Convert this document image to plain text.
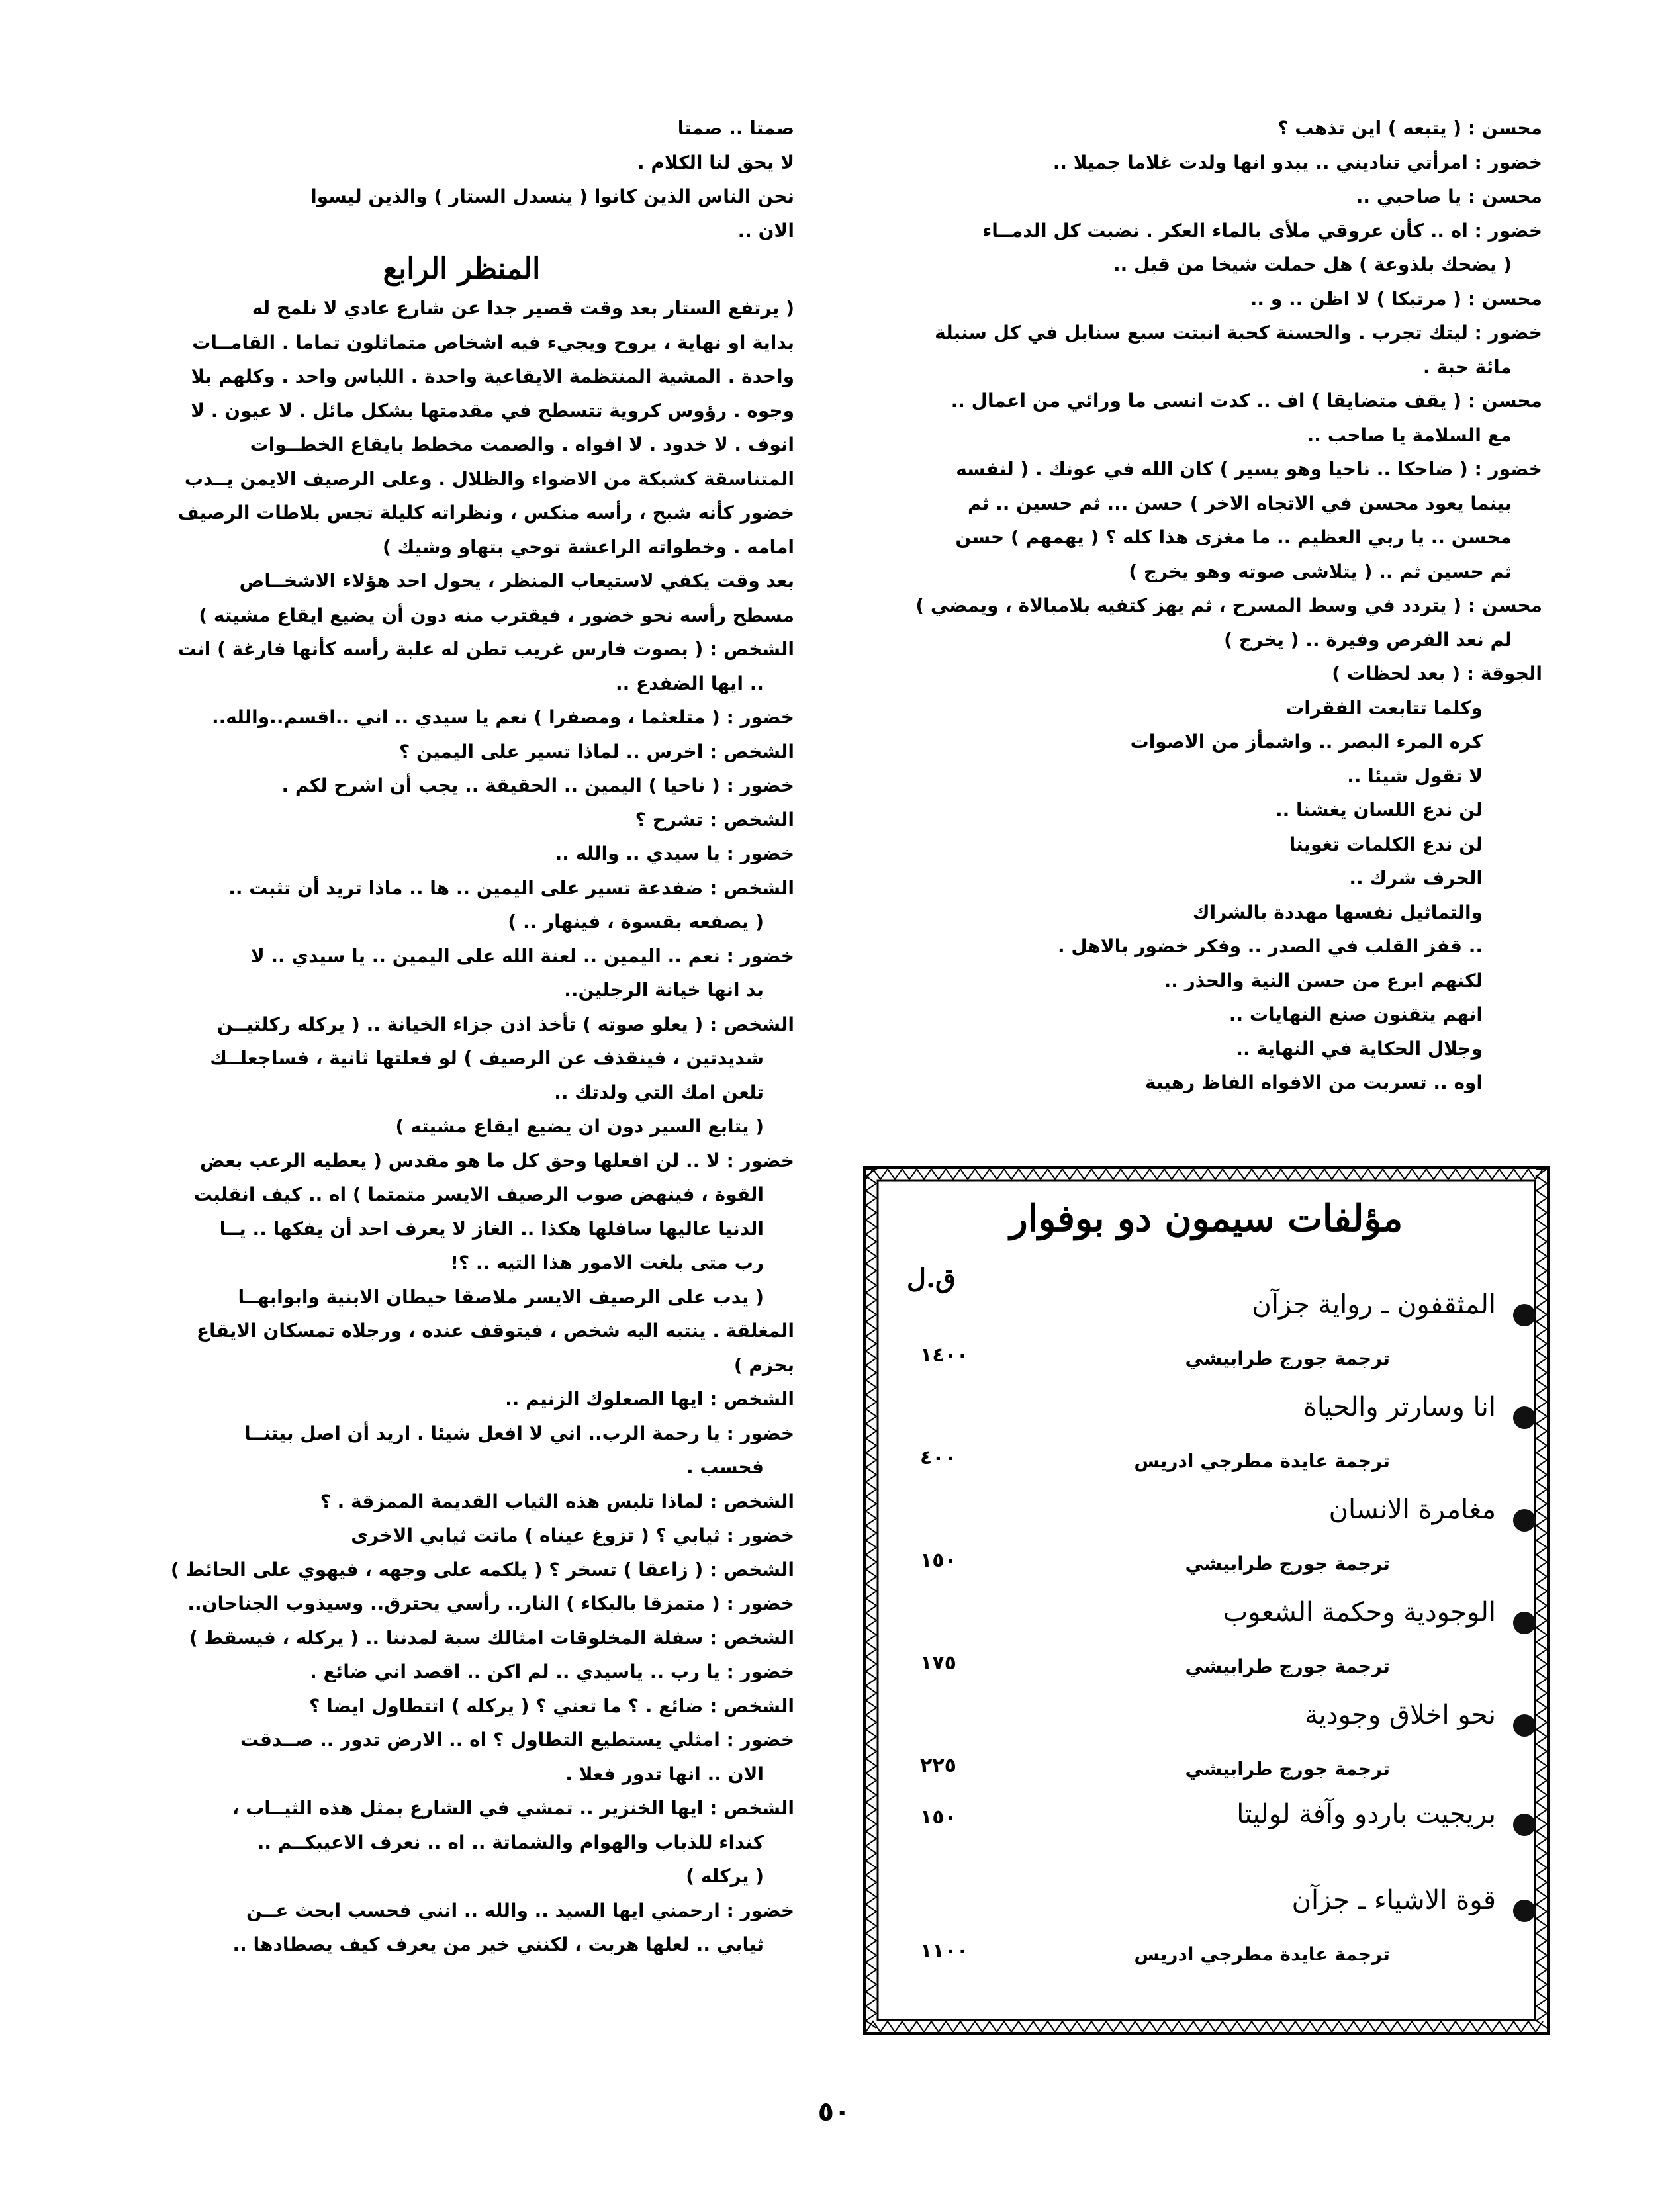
محسن : ( يتبعه ) اين تذهب ؟
خضور : امرأتي تناديني .. يبدو انها ولدت غلاما جميلا ..
محسن : يا صاحبي ..
خضور : اه .. كأن عروقي ملأى بالماء العكر . نضبت كل الدمــاء
( يضحك بلذوعة ) هل حملت شيخا من قبل ..
محسن : ( مرتبكا ) لا اظن .. و ..
خضور : ليتك تجرب . والحسنة كحبة انبتت سبع سنابل في كل سنبلة
مائة حبة .
محسن : ( يقف متضايقا ) اف .. كدت انسى ما ورائي من اعمال ..
مع السلامة يا صاحب ..
خضور : ( ضاحكا .. ناحيا وهو يسير ) كان الله في عونك . ( لنفسه
بينما يعود محسن في الاتجاه الاخر ) حسن ... ثم حسين .. ثم
محسن .. يا ربي العظيم .. ما مغزى هذا كله ؟ ( يهمهم ) حسن
ثم حسين ثم .. ( يتلاشى صوته وهو يخرج )
محسن : ( يتردد في وسط المسرح ، ثم يهز كتفيه بلامبالاة ، ويمضي )
لم نعد الفرص وفيرة .. ( يخرج )
الجوقة : ( بعد لحظات )
وكلما تتابعت الفقرات
كره المرء البصر .. واشمأز من الاصوات
لا تقول شيئا ..
لن ندع اللسان يغشنا ..
لن ندع الكلمات تغوينا
الحرف شرك ..
والتماثيل نفسها مهددة بالشراك
.. قفز القلب في الصدر .. وفكر خضور بالاهل .
لكنهم ابرع من حسن النية والحذر ..
انهم يتقنون صنع النهايات ..
وجلال الحكاية في النهاية ..
اوه .. تسربت من الافواه الفاظ رهيبة
صمتا .. صمتا
لا يحق لنا الكلام .
نحن الناس الذين كانوا ( ينسدل الستار ) والذين ليسوا
الان ..
المنظر الرابع
( يرتفع الستار بعد وقت قصير جدا عن شارع عادي لا نلمح له
بداية او نهاية ، يروح ويجيء فيه اشخاص متماثلون تماما . القامــات
واحدة . المشية المنتظمة الايقاعية واحدة . اللباس واحد . وكلهم بلا
وجوه . رؤوس كروية تتسطح في مقدمتها بشكل مائل . لا عيون . لا
انوف . لا خدود . لا افواه . والصمت مخطط بايقاع الخطــوات
المتناسقة كشبكة من الاضواء والظلال . وعلى الرصيف الايمن يــدب
خضور كأنه شبح ، رأسه منكس ، ونظراته كليلة تجس بلاطات الرصيف
امامه . وخطواته الراعشة توحي بتهاو وشيك )
بعد وقت يكفي لاستيعاب المنظر ، يحول احد هؤلاء الاشخــاص
مسطح رأسه نحو خضور ، فيقترب منه دون أن يضيع ايقاع مشيته )
الشخص : ( بصوت فارس غريب تطن له علبة رأسه كأنها فارغة ) انت
.. ايها الضفدع ..
خضور : ( متلعثما ، ومصفرا ) نعم يا سيدي .. اني ..اقسم..والله..
الشخص : اخرس .. لماذا تسير على اليمين ؟
خضور : ( ناحيا ) اليمين .. الحقيقة .. يجب أن اشرح لكم .
الشخص : تشرح ؟
خضور : يا سيدي .. والله ..
الشخص : ضفدعة تسير على اليمين .. ها .. ماذا تريد أن تثبت ..
( يصفعه بقسوة ، فينهار .. )
خضور : نعم .. اليمين .. لعنة الله على اليمين .. يا سيدي .. لا
بد انها خيانة الرجلين..
الشخص : ( يعلو صوته ) تأخذ اذن جزاء الخيانة .. ( يركله ركلتيــن
شديدتين ، فينقذف عن الرصيف ) لو فعلتها ثانية ، فساجعلــك
تلعن امك التي ولدتك ..
( يتابع السير دون ان يضيع ايقاع مشيته )
خضور : لا .. لن افعلها وحق كل ما هو مقدس ( يعطيه الرعب بعض
القوة ، فينهض صوب الرصيف الايسر متمتما ) اه .. كيف انقلبت
الدنيا عاليها سافلها هكذا .. الغاز لا يعرف احد أن يفكها .. يــا
رب متى بلغت الامور هذا التيه .. ؟!
( يدب على الرصيف الايسر ملاصقا حيطان الابنية وابوابهــا
المغلقة . ينتبه اليه شخص ، فيتوقف عنده ، ورجلاه تمسكان الايقاع
بحزم )
الشخص : ايها الصعلوك الزنيم ..
خضور : يا رحمة الرب.. اني لا افعل شيئا . اريد أن اصل بيتنــا
فحسب .
الشخص : لماذا تلبس هذه الثياب القديمة الممزقة . ؟
خضور : ثيابي ؟ ( تزوغ عيناه ) ماتت ثيابي الاخرى
الشخص : ( زاعقا ) تسخر ؟ ( يلكمه على وجهه ، فيهوي على الحائط )
خضور : ( متمزقا بالبكاء ) النار.. رأسي يحترق.. وسيذوب الجناحان..
الشخص : سفلة المخلوقات امثالك سبة لمدننا .. ( يركله ، فيسقط )
خضور : يا رب .. ياسيدي .. لم اكن .. اقصد اني ضائع .
الشخص : ضائع . ؟ ما تعني ؟ ( يركله ) اتتطاول ايضا ؟
خضور : امثلي يستطيع التطاول ؟ اه .. الارض تدور .. صــدقت
الان .. انها تدور فعلا .
الشخص : ايها الخنزير .. تمشي في الشارع بمثل هذه الثيــاب ،
كنداء للذباب والهوام والشماتة .. اه .. نعرف الاعيبكــم ..
( يركله )
خضور : ارحمني ايها السيد .. والله .. انني فحسب ابحث عــن
ثيابي .. لعلها هربت ، لكنني خير من يعرف كيف يصطادها ..
مؤلفات سيمون دو بوفوار
ق.ل
المثقفون ـ رواية جزآن
ترجمة جورج طرابيشي
١٤٠٠
انا وسارتر والحياة
ترجمة عايدة مطرجي ادريس
٤٠٠
مغامرة الانسان
ترجمة جورج طرابيشي
١٥٠
الوجودية وحكمة الشعوب
ترجمة جورج طرابيشي
١٧٥
نحو اخلاق وجودية
ترجمة جورج طرابيشي
٢٢٥
بريجيت باردو وآفة لوليتا
١٥٠
قوة الاشياء ـ جزآن
ترجمة عايدة مطرجي ادريس
١١٠٠
٥٠
